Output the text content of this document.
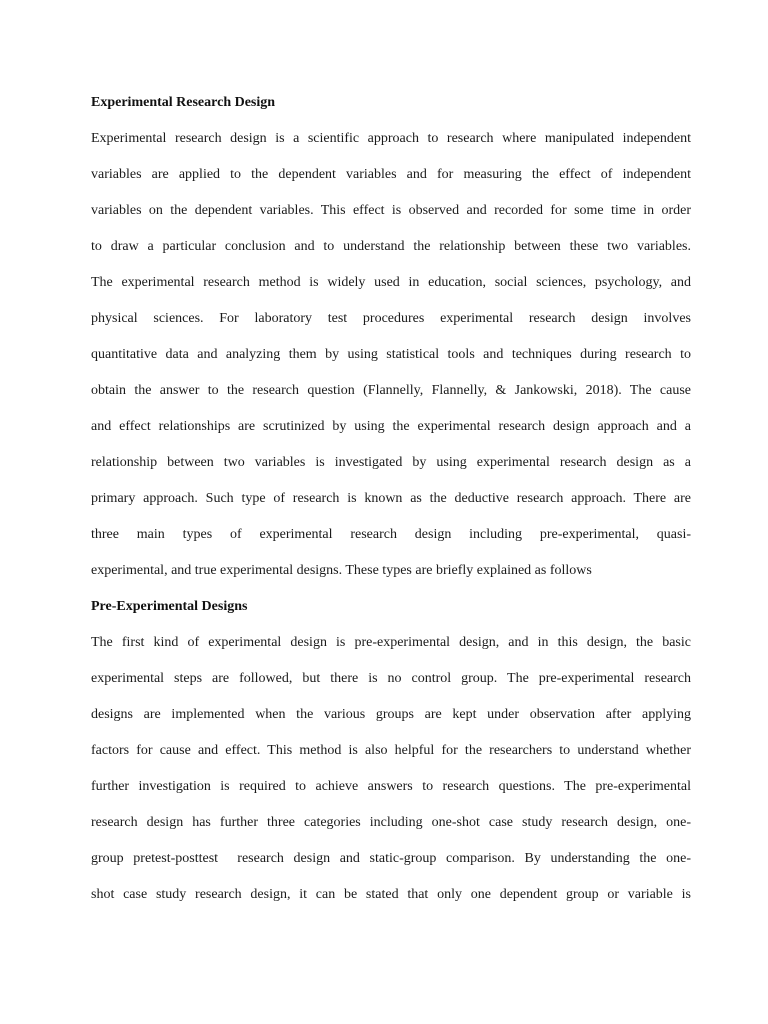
Experimental Research Design
Experimental research design is a scientific approach to research where manipulated independent
variables are applied to the dependent variables and for measuring the effect of independent
variables on the dependent variables. This effect is observed and recorded for some time in order
to draw a particular conclusion and to understand the relationship between these two variables.
The experimental research method is widely used in education, social sciences, psychology, and
physical sciences. For laboratory test procedures experimental research design involves
quantitative data and analyzing them by using statistical tools and techniques during research to
obtain the answer to the research question (Flannelly, Flannelly, & Jankowski, 2018). The cause
and effect relationships are scrutinized by using the experimental research design approach and a
relationship between two variables is investigated by using experimental research design as a
primary approach. Such type of research is known as the deductive research approach. There are
three main types of experimental research design including pre-experimental, quasi-
experimental, and true experimental designs. These types are briefly explained as follows
Pre-Experimental Designs
The first kind of experimental design is pre-experimental design, and in this design, the basic
experimental steps are followed, but there is no control group. The pre-experimental research
designs are implemented when the various groups are kept under observation after applying
factors for cause and effect. This method is also helpful for the researchers to understand whether
further investigation is required to achieve answers to research questions. The pre-experimental
research design has further three categories including one-shot case study research design, one-
group pretest-posttest  research design and static-group comparison. By understanding the one-
shot case study research design, it can be stated that only one dependent group or variable is
